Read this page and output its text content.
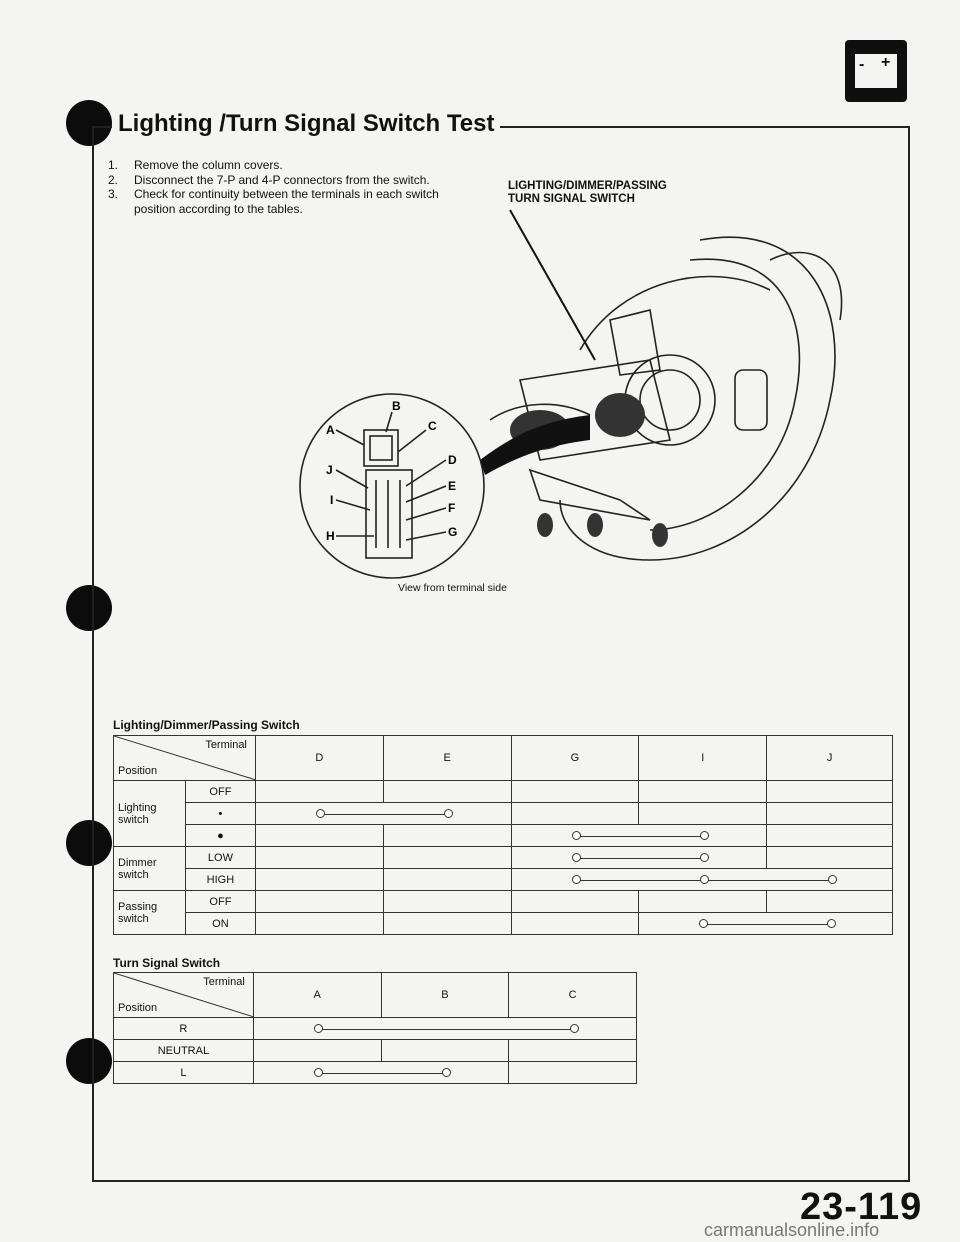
- +
Lighting /Turn Signal Switch Test
1.	Remove the column covers.
2.	Disconnect the 7-P and 4-P connectors from the switch.
3.	Check for continuity between the terminals in each switch position according to the tables.
LIGHTING/DIMMER/PASSING
TURN SIGNAL SWITCH
A
B
C
D
E
F
G
H
I
J
View from terminal side
Lighting/Dimmer/Passing Switch
Terminal
Position		D	E	G	I	J

Lighting
switch	OFF					
	•		

	●				

Dimmer
switch	LOW				

	HIGH					

Passing
switch	OFF					
	ON					
Turn Signal Switch
Terminal
Position	A	B	C
R			

NEUTRAL			
L		

23-119
carmanualsonline.info
